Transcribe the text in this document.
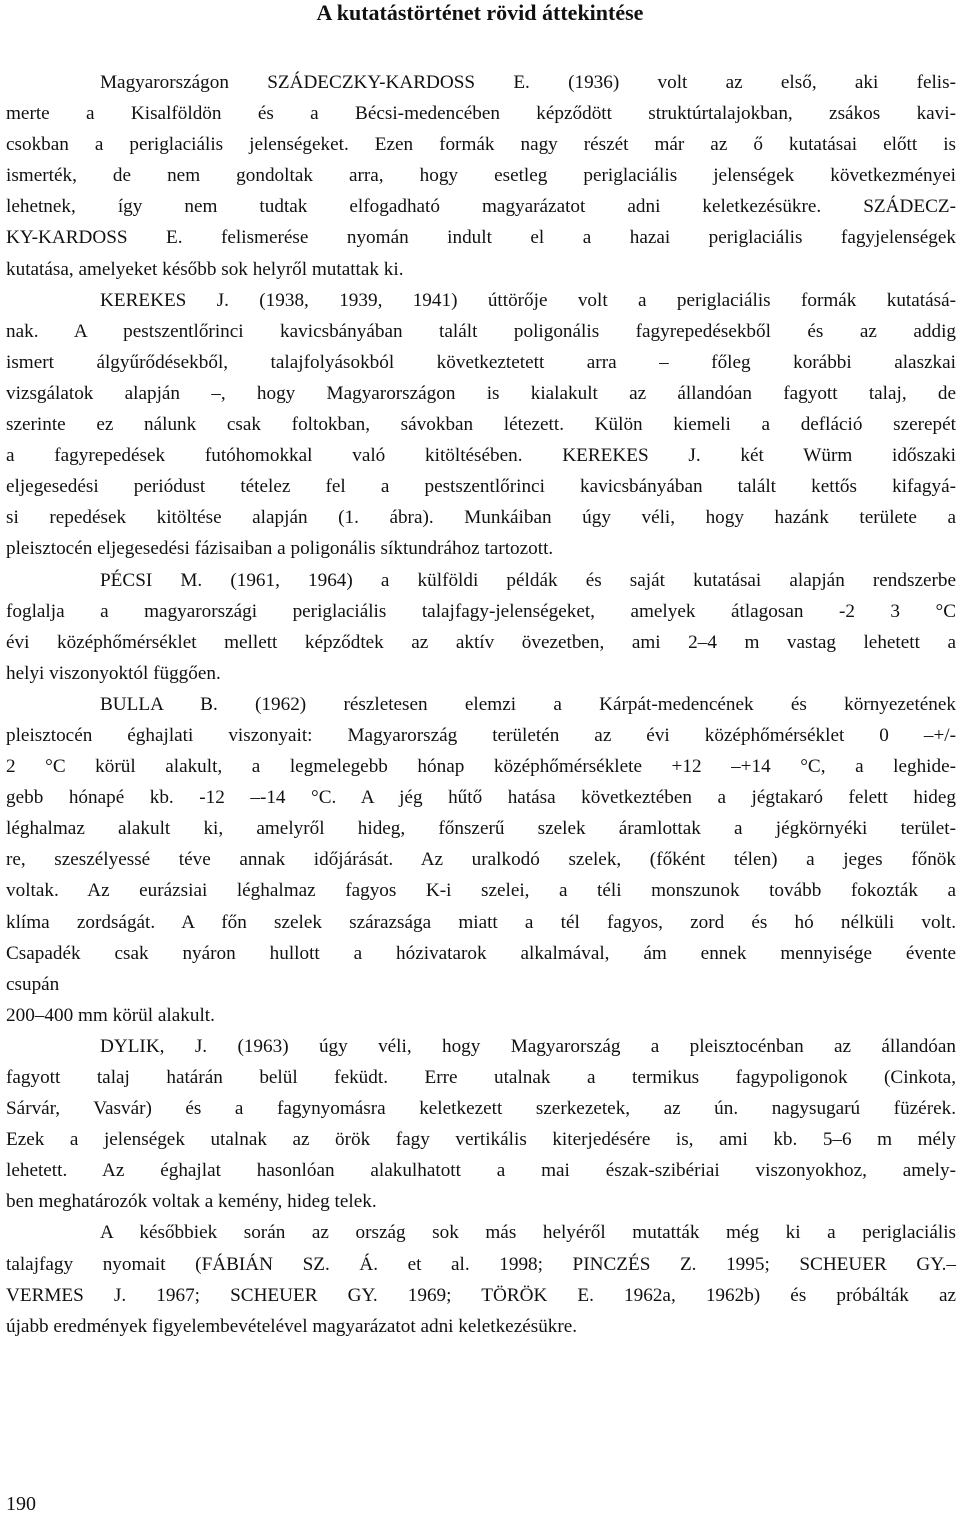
A kutatástörténet rövid áttekintése
Magyarországon SZÁDECZKY-KARDOSS E. (1936) volt az első, aki felis-
merte a Kisalföldön és a Bécsi-medencében képződött struktúrtalajokban, zsákos kavi-
csokban a periglaciális jelenségeket. Ezen formák nagy részét már az ő kutatásai előtt is
ismerték, de nem gondoltak arra, hogy esetleg periglaciális jelenségek következményei
lehetnek, így nem tudtak elfogadható magyarázatot adni keletkezésükre. SZÁDECZ-
KY-KARDOSS E. felismerése nyomán indult el a hazai periglaciális fagyjelenségek
kutatása, amelyeket később sok helyről mutattak ki.
KEREKES J. (1938, 1939, 1941) úttörője volt a periglaciális formák kutatásá-
nak. A pestszentlőrinci kavicsbányában talált poligonális fagyrepedésekből és az addig
ismert álgyűrődésekből, talajfolyásokból következtetett arra – főleg korábbi alaszkai
vizsgálatok alapján –, hogy Magyarországon is kialakult az állandóan fagyott talaj, de
szerinte ez nálunk csak foltokban, sávokban létezett. Külön kiemeli a defláció szerepét
a fagyrepedések futóhomokkal való kitöltésében. KEREKES J. két Würm időszaki
eljegesedési periódust tételez fel a pestszentlőrinci kavicsbányában talált kettős kifagyá-
si repedések kitöltése alapján (1. ábra). Munkáiban úgy véli, hogy hazánk területe a
pleisztocén eljegesedési fázisaiban a poligonális síktundrához tartozott.
PÉCSI M. (1961, 1964) a külföldi példák és saját kutatásai alapján rendszerbe
foglalja a magyarországi periglaciális talajfagy-jelenségeket, amelyek átlagosan -2 3 °C
évi középhőmérséklet mellett képződtek az aktív övezetben, ami 2–4 m vastag lehetett a
helyi viszonyoktól függően.
BULLA B. (1962) részletesen elemzi a Kárpát-medencének és környezetének
pleisztocén éghajlati viszonyait: Magyarország területén az évi középhőmérséklet 0 –+/-
2 °C körül alakult, a legmelegebb hónap középhőmérséklete +12 –+14 °C, a leghide-
gebb hónapé kb. -12 –-14 °C. A jég hűtő hatása következtében a jégtakaró felett hideg
léghalmaz alakult ki, amelyről hideg, főnszerű szelek áramlottak a jégkörnyéki terület-
re, szeszélyessé téve annak időjárását. Az uralkodó szelek, (főként télen) a jeges főnök
voltak. Az eurázsiai léghalmaz fagyos K-i szelei, a téli monszunok tovább fokozták a
klíma zordságát. A főn szelek szárazsága miatt a tél fagyos, zord és hó nélküli volt.
Csapadék csak nyáron hullott a hózivatarok alkalmával, ám ennek mennyisége évente
csupán
200–400 mm körül alakult.
DYLIK, J. (1963) úgy véli, hogy Magyarország a pleisztocénban az állandóan
fagyott talaj határán belül feküdt. Erre utalnak a termikus fagypoligonok (Cinkota,
Sárvár, Vasvár) és a fagynyomásra keletkezett szerkezetek, az ún. nagysugarú füzérek.
Ezek a jelenségek utalnak az örök fagy vertikális kiterjedésére is, ami kb. 5–6 m mély
lehetett. Az éghajlat hasonlóan alakulhatott a mai észak-szibériai viszonyokhoz, amely-
ben meghatározók voltak a kemény, hideg telek.
A későbbiek során az ország sok más helyéről mutatták még ki a periglaciális
talajfagy nyomait (FÁBIÁN SZ. Á. et al. 1998; PINCZÉS Z. 1995; SCHEUER GY.–
VERMES J. 1967; SCHEUER GY. 1969; TÖRÖK E. 1962a, 1962b) és próbálták az
újabb eredmények figyelembevételével magyarázatot adni keletkezésükre.
190
